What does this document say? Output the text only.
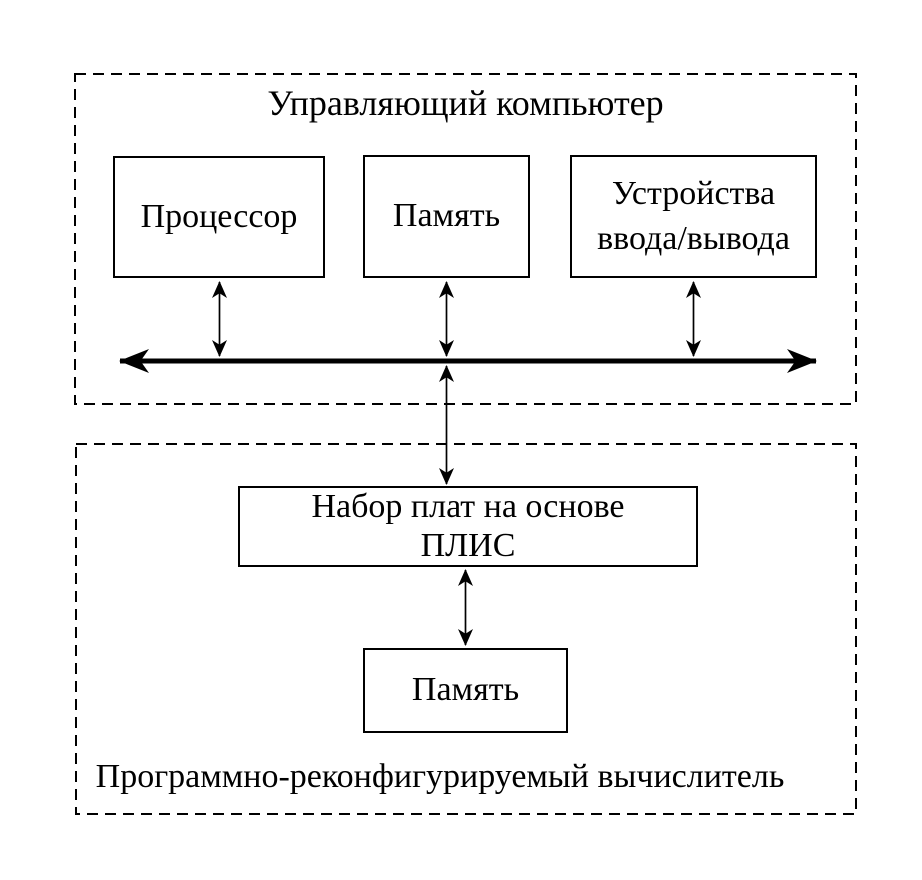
Управляющий компьютер
Программно-реконфигурируемый вычислитель
Процессор	Память
Устройства
ввода/вывода
Набор плат на основе
ПЛИС
Память
